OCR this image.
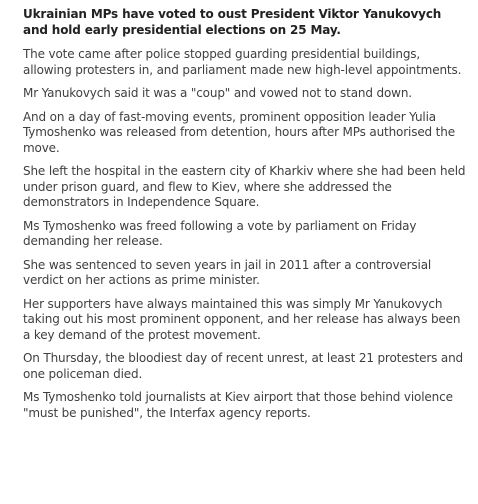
Ukrainian MPs have voted to oust President Viktor Yanukovych and hold early presidential elections on 25 May.

The vote came after police stopped guarding presidential buildings, allowing protesters in, and parliament made new high-level appointments.

Mr Yanukovych said it was a "coup" and vowed not to stand down.

And on a day of fast-moving events, prominent opposition leader Yulia Tymoshenko was released from detention, hours after MPs authorised the move.

She left the hospital in the eastern city of Kharkiv where she had been held under prison guard, and flew to Kiev, where she addressed the demonstrators in Independence Square.

Ms Tymoshenko was freed following a vote by parliament on Friday demanding her release.

She was sentenced to seven years in jail in 2011 after a controversial verdict on her actions as prime minister.

Her supporters have always maintained this was simply Mr Yanukovych taking out his most prominent opponent, and her release has always been a key demand of the protest movement.

On Thursday, the bloodiest day of recent unrest, at least 21 protesters and one policeman died.

Ms Tymoshenko told journalists at Kiev airport that those behind violence "must be punished", the Interfax agency reports.
